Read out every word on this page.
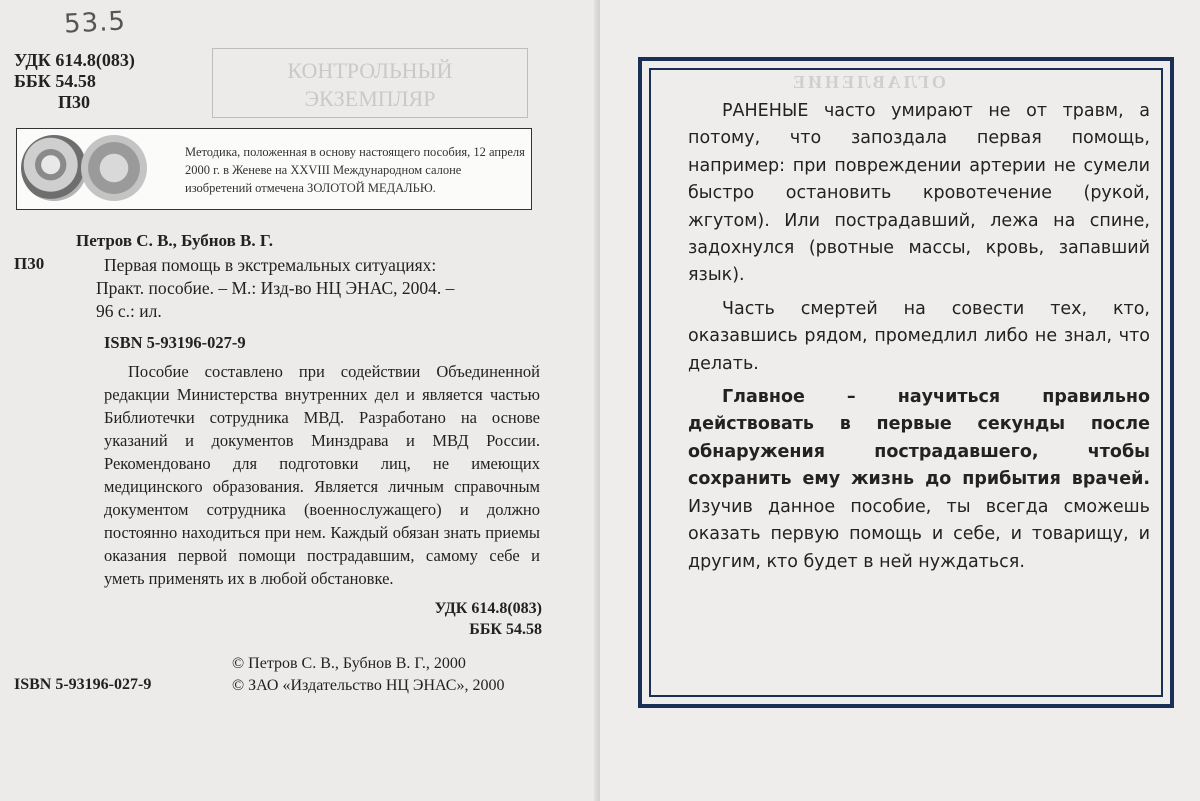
53.5
УДК 614.8(083)
ББК 54.58
П30
КОНТРОЛЬНЫЙ
ЭКЗЕМПЛЯР
Методика, положенная в основу настоящего пособия, 12 апреля 2000 г. в Женеве на XXVIII Международном салоне изобретений отмечена ЗОЛОТОЙ МЕДАЛЬЮ.
Петров С. В., Бубнов В. Г.
П30	Первая помощь в экстремальных ситуациях:
Практ. пособие. – М.: Изд-во НЦ ЭНАС, 2004. –
96 с.: ил.
ISBN 5-93196-027-9
Пособие составлено при содействии Объединенной редакции Министерства внутренних дел и является частью Библиотечки сотрудника МВД. Разработано на основе указаний и документов Минздрава и МВД России. Рекомендовано для подготовки лиц, не имеющих медицинского образования. Является личным справочным документом сотрудника (военнослужащего) и должно постоянно находиться при нем. Каждый обязан знать приемы оказания первой помощи пострадавшим, самому себе и уметь применять их в любой обстановке.
УДК 614.8(083)
ББК 54.58
© Петров С. В., Бубнов В. Г., 2000
© ЗАО «Издательство НЦ ЭНАС», 2000
ISBN 5-93196-027-9
ОГЛАВЛЕНИЕ

РАНЕНЫЕ часто умирают не от травм, а потому, что запоздала первая помощь, например: при повреждении артерии не сумели быстро остановить кровотечение (рукой, жгутом). Или пострадавший, лежа на спине, задохнулся (рвотные массы, кровь, запавший язык).

Часть смертей на совести тех, кто, оказавшись рядом, промедлил либо не знал, что делать.

Главное – научиться правильно действовать в первые секунды после обнаружения пострадавшего, чтобы сохранить ему жизнь до прибытия врачей. Изучив данное пособие, ты всегда сможешь оказать первую помощь и себе, и товарищу, и другим, кто будет в ней нуждаться.
